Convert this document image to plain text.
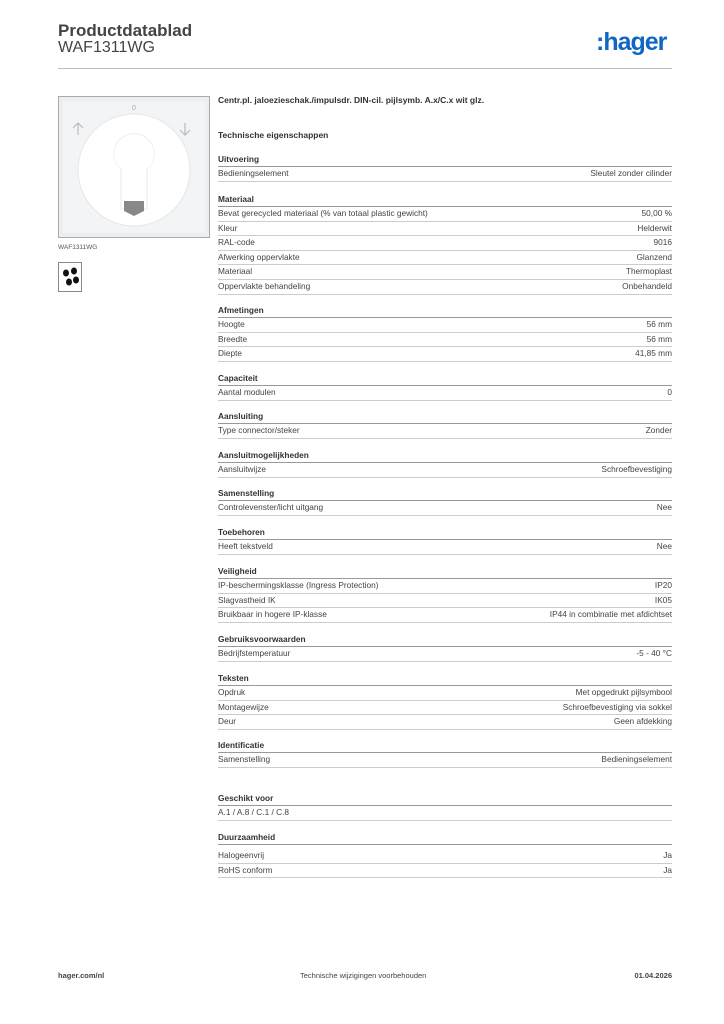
Productdatablad
WAF1311WG	:hager
0
WAF1311WG
Centr.pl. jaloezieschak./impulsdr. DIN-cil. pijlsymb. A.x/C.x wit glz.
Technische eigenschappen
Uitvoering
Bedieningselement	Sleutel zonder cilinder
Materiaal
Bevat gerecycled materiaal (% van totaal plastic gewicht)	50,00 %
Kleur	Helderwit
RAL-code	9016
Afwerking oppervlakte	Glanzend
Materiaal	Thermoplast
Oppervlakte behandeling	Onbehandeld
Afmetingen
Hoogte	56 mm
Breedte	56 mm
Diepte	41,85 mm
Capaciteit
Aantal modulen	0
Aansluiting
Type connector/steker	Zonder
Aansluitmogelijkheden
Aansluitwijze	Schroefbevestiging
Samenstelling
Controlevenster/licht uitgang	Nee
Toebehoren
Heeft tekstveld	Nee
Veiligheid
IP-beschermingsklasse (Ingress Protection)	IP20
Slagvastheid IK	IK05
Bruikbaar in hogere IP-klasse	IP44 in combinatie met afdichtset
Gebruiksvoorwaarden
Bedrijfstemperatuur	-5 - 40 °C
Teksten
Opdruk	Met opgedrukt pijlsymbool
Montagewijze	Schroefbevestiging via sokkel
Deur	Geen afdekking
Identificatie
Samenstelling	Bedieningselement
Geschikt voor
A.1 / A.8 / C.1 / C.8
Duurzaamheid
Halogeenvrij	Ja
RoHS conform	Ja
hager.com/nl	Technische wijzigingen voorbehouden	01.04.2026
